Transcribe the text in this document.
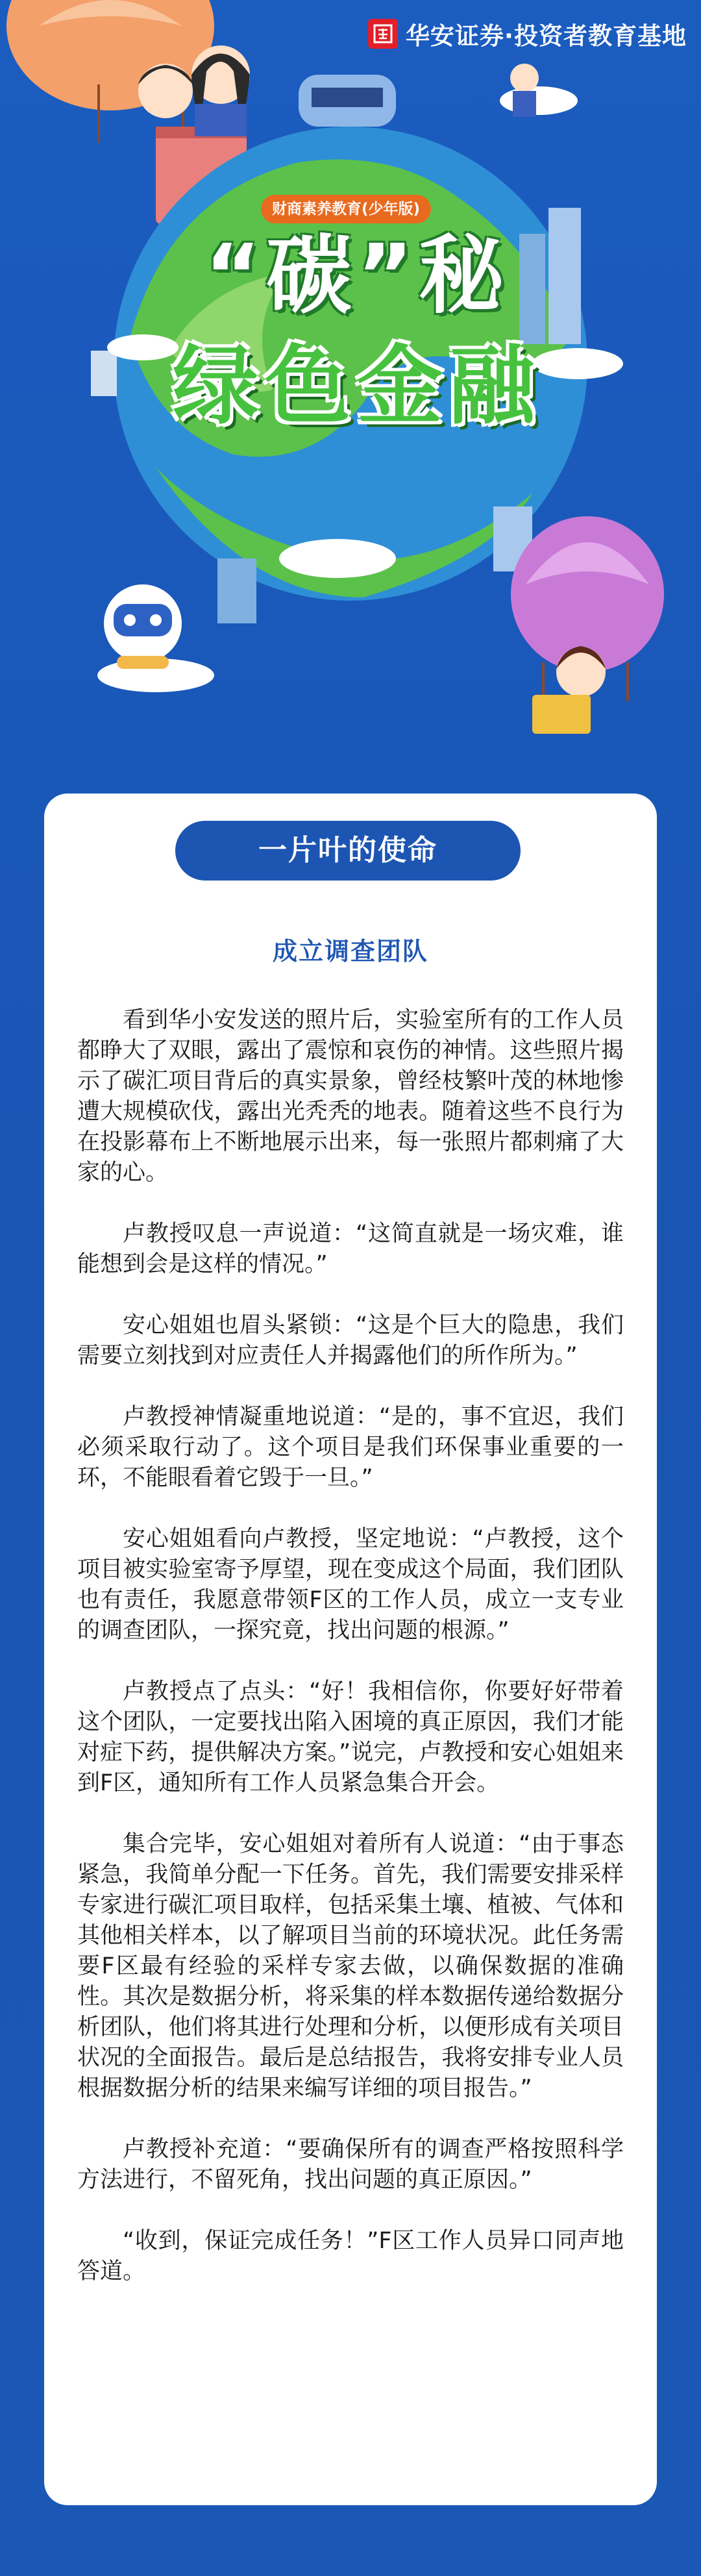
财商素养教育(少年版)
“碳”秘
绿色金融
华安证券·投资者教育基地
一片叶的使命
成立调查团队

看到华小安发送的照片后，实验室所有的工作人员都睁大了双眼，露出了震惊和哀伤的神情。这些照片揭示了碳汇项目背后的真实景象，曾经枝繁叶茂的林地惨遭大规模砍伐，露出光秃秃的地表。随着这些不良行为在投影幕布上不断地展示出来，每一张照片都刺痛了大家的心。

卢教授叹息一声说道：“这简直就是一场灾难，谁能想到会是这样的情况。”

安心姐姐也眉头紧锁：“这是个巨大的隐患，我们需要立刻找到对应责任人并揭露他们的所作所为。”

卢教授神情凝重地说道：“是的，事不宜迟，我们必须采取行动了。这个项目是我们环保事业重要的一环，不能眼看着它毁于一旦。”

安心姐姐看向卢教授，坚定地说：“卢教授，这个项目被实验室寄予厚望，现在变成这个局面，我们团队也有责任，我愿意带领F区的工作人员，成立一支专业的调查团队，一探究竟，找出问题的根源。”

卢教授点了点头：“好！我相信你，你要好好带着这个团队，一定要找出陷入困境的真正原因，我们才能对症下药，提供解决方案。”说完，卢教授和安心姐姐来到F区，通知所有工作人员紧急集合开会。

集合完毕，安心姐姐对着所有人说道：“由于事态紧急，我简单分配一下任务。首先，我们需要安排采样专家进行碳汇项目取样，包括采集土壤、植被、气体和其他相关样本，以了解项目当前的环境状况。此任务需要F区最有经验的采样专家去做，以确保数据的准确性。其次是数据分析，将采集的样本数据传递给数据分析团队，他们将其进行处理和分析，以便形成有关项目状况的全面报告。最后是总结报告，我将安排专业人员根据数据分析的结果来编写详细的项目报告。”

卢教授补充道：“要确保所有的调查严格按照科学方法进行，不留死角，找出问题的真正原因。”

“收到，保证完成任务！”F区工作人员异口同声地答道。
